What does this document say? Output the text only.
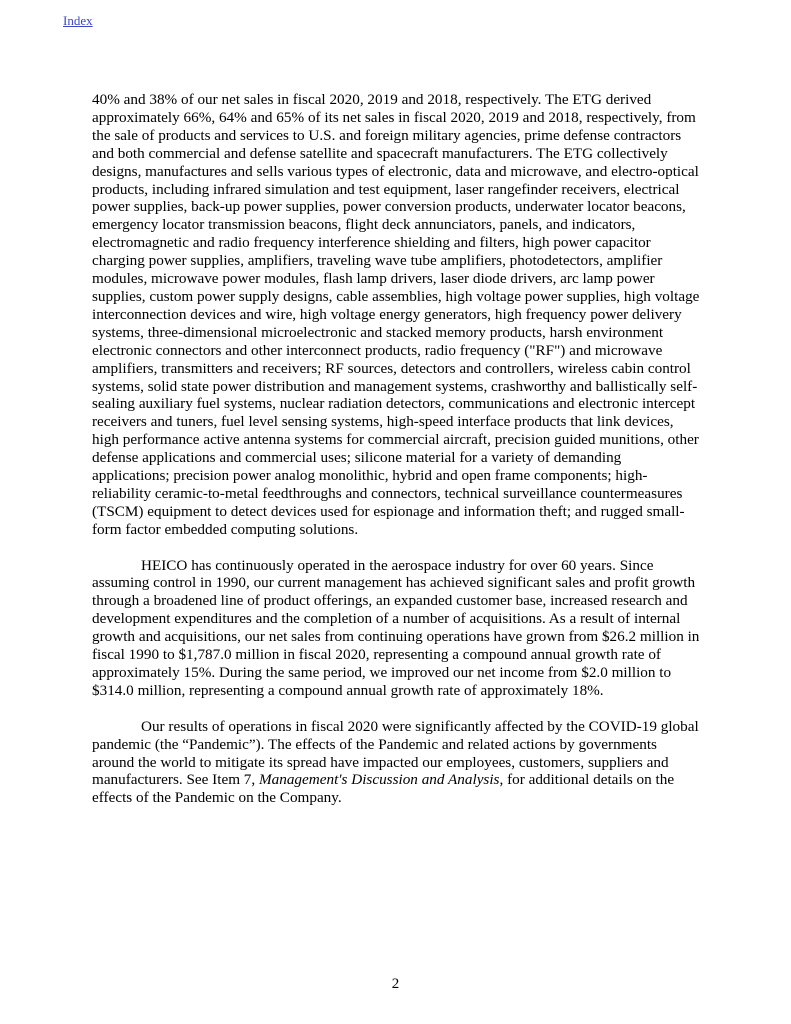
Index

40% and 38% of our net sales in fiscal 2020, 2019 and 2018, respectively. The ETG derived approximately 66%, 64% and 65% of its net sales in fiscal 2020, 2019 and 2018, respectively, from the sale of products and services to U.S. and foreign military agencies, prime defense contractors and both commercial and defense satellite and spacecraft manufacturers. The ETG collectively designs, manufactures and sells various types of electronic, data and microwave, and electro-optical products, including infrared simulation and test equipment, laser rangefinder receivers, electrical power supplies, back-up power supplies, power conversion products, underwater locator beacons, emergency locator transmission beacons, flight deck annunciators, panels, and indicators, electromagnetic and radio frequency interference shielding and filters, high power capacitor charging power supplies, amplifiers, traveling wave tube amplifiers, photodetectors, amplifier modules, microwave power modules, flash lamp drivers, laser diode drivers, arc lamp power supplies, custom power supply designs, cable assemblies, high voltage power supplies, high voltage interconnection devices and wire, high voltage energy generators, high frequency power delivery systems, three-dimensional microelectronic and stacked memory products, harsh environment electronic connectors and other interconnect products, radio frequency ("RF") and microwave amplifiers, transmitters and receivers; RF sources, detectors and controllers, wireless cabin control systems, solid state power distribution and management systems, crashworthy and ballistically self-sealing auxiliary fuel systems, nuclear radiation detectors, communications and electronic intercept receivers and tuners, fuel level sensing systems, high-speed interface products that link devices, high performance active antenna systems for commercial aircraft, precision guided munitions, other defense applications and commercial uses; silicone material for a variety of demanding applications; precision power analog monolithic, hybrid and open frame components; high-reliability ceramic-to-metal feedthroughs and connectors, technical surveillance countermeasures (TSCM) equipment to detect devices used for espionage and information theft; and rugged small-form factor embedded computing solutions.

HEICO has continuously operated in the aerospace industry for over 60 years. Since assuming control in 1990, our current management has achieved significant sales and profit growth through a broadened line of product offerings, an expanded customer base, increased research and development expenditures and the completion of a number of acquisitions. As a result of internal growth and acquisitions, our net sales from continuing operations have grown from $26.2 million in fiscal 1990 to $1,787.0 million in fiscal 2020, representing a compound annual growth rate of approximately 15%. During the same period, we improved our net income from $2.0 million to $314.0 million, representing a compound annual growth rate of approximately 18%.

Our results of operations in fiscal 2020 were significantly affected by the COVID-19 global pandemic (the “Pandemic”). The effects of the Pandemic and related actions by governments around the world to mitigate its spread have impacted our employees, customers, suppliers and manufacturers. See Item 7, Management's Discussion and Analysis, for additional details on the effects of the Pandemic on the Company.

2
